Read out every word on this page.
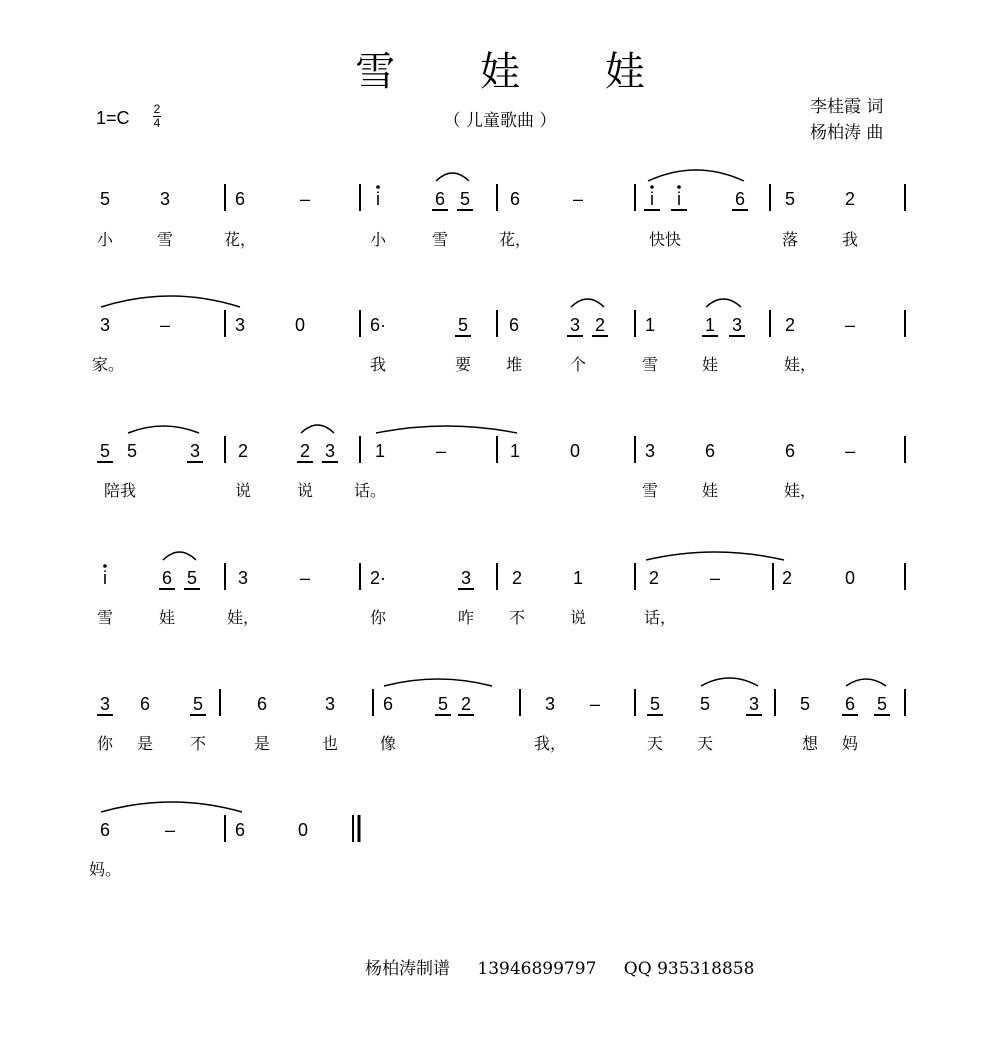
雪 娃 娃
（ 儿童歌曲 ）
1=C 2
4
李桂霞 词
杨柏涛 曲
5	3	6	–	i	6 5 6	–	i i	6 5	2
小	雪	花，	小	雪	花，	快快	落	我
3	–	3	0	6·	5 6	3 2 1	1 3 2	–
家。	我	要 堆	个	雪	娃	娃，
5 5	3 2	2 3 1	–	1	0	3	6	6	–
陪我	说	说	话。	雪	娃	娃，
i	6 5 3	–	2·	3 2	1	2	–	2	0
雪	娃	娃，	你	咋 不	说	话，
3 6 5	6	3	6 5 2	3 –	5 5 3 5 6 5
你 是 不	是	也	像	我，	天 天	想 妈
6	–	6	0
妈。
杨柏涛制谱 13946899797 QQ 935318858
